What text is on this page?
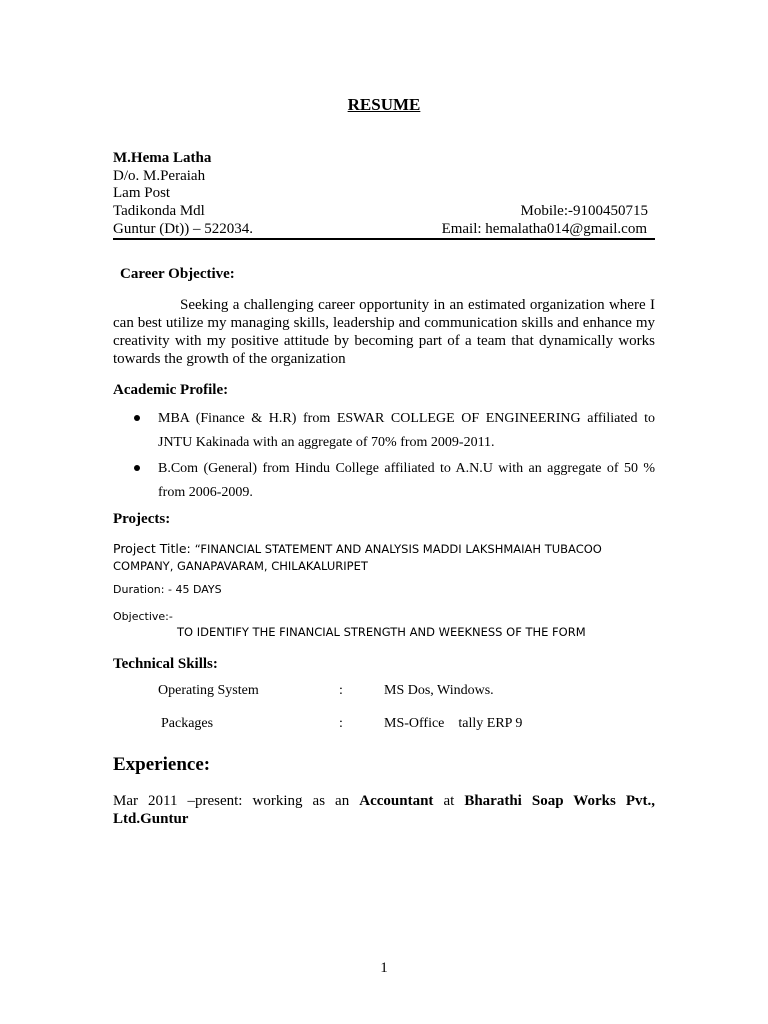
RESUME
M.Hema Latha
D/o. M.Peraiah
Lam Post
Tadikonda Mdl
Guntur (Dt)) – 522034.
Mobile:-9100450715
Email: hemalatha014@gmail.com
Career Objective:
Seeking a challenging career opportunity in an estimated organization where I can best utilize my managing skills, leadership and communication skills and enhance my creativity with my positive attitude by becoming part of a team that dynamically works towards the growth of the organization
Academic Profile:
MBA (Finance & H.R) from ESWAR COLLEGE OF ENGINEERING affiliated to JNTU Kakinada with an aggregate of 70% from 2009-2011.
B.Com (General) from Hindu College affiliated to A.N.U with an aggregate of 50 % from 2006-2009.
Projects:
Project Title: “FINANCIAL STATEMENT AND ANALYSIS MADDI LAKSHMAIAH TUBACOO COMPANY, GANAPAVARAM, CHILAKALURIPET
Duration: - 45 DAYS
Objective:-
TO IDENTIFY THE FINANCIAL STRENGTH AND WEEKNESS OF THE FORM
Technical Skills:
Operating System	:	MS Dos, Windows.
Packages	:	MS-Office    tally ERP 9
Experience:
Mar 2011 –present: working as an Accountant at Bharathi Soap Works Pvt., Ltd.Guntur
1
